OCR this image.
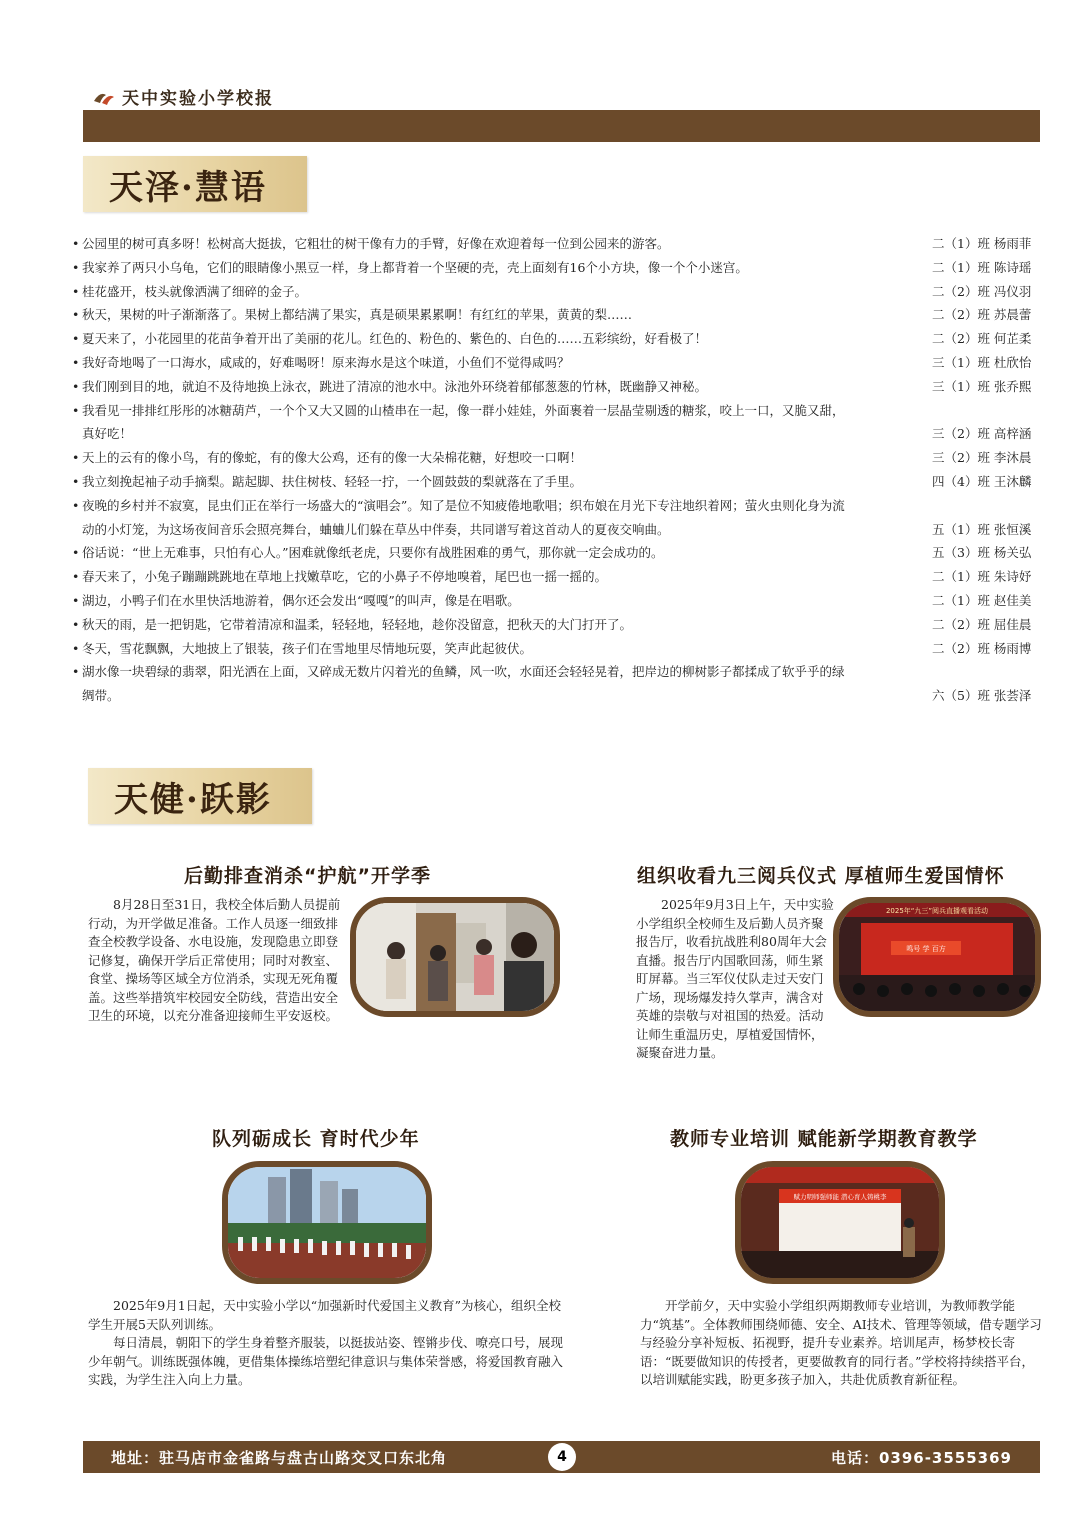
天中实验小学校报
天泽·慧语
• 公园里的树可真多呀！松树高大挺拔，它粗壮的树干像有力的手臂，好像在欢迎着每一位到公园来的游客。	二（1）班 杨雨菲
• 我家养了两只小乌龟，它们的眼睛像小黑豆一样，身上都背着一个坚硬的壳，壳上面刻有16个小方块，像一个个小迷宫。	二（1）班 陈诗瑶
• 桂花盛开，枝头就像洒满了细碎的金子。	二（2）班 冯仪羽
• 秋天，果树的叶子渐渐落了。果树上都结满了果实，真是硕果累累啊！有红红的苹果，黄黄的梨……	二（2）班 苏晨蕾
• 夏天来了，小花园里的花苗争着开出了美丽的花儿。红色的、粉色的、紫色的、白色的……五彩缤纷，好看极了！	二（2）班 何芷柔
• 我好奇地喝了一口海水，咸咸的，好难喝呀！原来海水是这个味道，小鱼们不觉得咸吗？	三（1）班 杜欣怡
• 我们刚到目的地，就迫不及待地换上泳衣，跳进了清凉的池水中。泳池外环绕着郁郁葱葱的竹林，既幽静又神秘。	三（1）班 张乔熙
• 我看见一排排红彤彤的冰糖葫芦，一个个又大又圆的山楂串在一起，像一群小娃娃，外面裹着一层晶莹剔透的糖浆，咬上一口，又脆又甜，真好吃！	三（2）班 高梓涵
• 天上的云有的像小鸟，有的像蛇，有的像大公鸡，还有的像一大朵棉花糖，好想咬一口啊！	三（2）班 李沐晨
• 我立刻挽起袖子动手摘梨。踮起脚、扶住树枝、轻轻一拧，一个圆鼓鼓的梨就落在了手里。	四（4）班 王沐麟
• 夜晚的乡村并不寂寞，昆虫们正在举行一场盛大的“演唱会”。知了是位不知疲倦地歌唱；织布娘在月光下专注地织着网；萤火虫则化身为流动的小灯笼，为这场夜间音乐会照亮舞台，蛐蛐儿们躲在草丛中伴奏，共同谱写着这首动人的夏夜交响曲。	五（1）班 张恒溪
• 俗话说：“世上无难事，只怕有心人。”困难就像纸老虎，只要你有战胜困难的勇气，那你就一定会成功的。	五（3）班 杨关弘
• 春天来了，小兔子蹦蹦跳跳地在草地上找嫩草吃，它的小鼻子不停地嗅着，尾巴也一摇一摇的。	二（1）班 朱诗妤
• 湖边，小鸭子们在水里快活地游着，偶尔还会发出“嘎嘎”的叫声，像是在唱歌。	二（1）班 赵佳美
• 秋天的雨，是一把钥匙，它带着清凉和温柔，轻轻地，轻轻地，趁你没留意，把秋天的大门打开了。	二（2）班 屈佳晨
• 冬天，雪花飘飘，大地披上了银装，孩子们在雪地里尽情地玩耍，笑声此起彼伏。	二（2）班 杨雨博
• 湖水像一块碧绿的翡翠，阳光洒在上面，又碎成无数片闪着光的鱼鳞，风一吹，水面还会轻轻晃着，把岸边的柳树影子都揉成了软乎乎的绿绸带。	六（5）班 张荟泽
天健·跃影
后勤排查消杀“护航”开学季

8月28日至31日，我校全体后勤人员提前行动，为开学做足准备。工作人员逐一细致排查全校教学设备、水电设施，发现隐患立即登记修复，确保开学后正常使用；同时对教室、食堂、操场等区域全方位消杀，实现无死角覆盖。这些举措筑牢校园安全防线，营造出安全卫生的环境，以充分准备迎接师生平安返校。

组织收看九三阅兵仪式 厚植师生爱国情怀

2025年9月3日上午，天中实验小学组织全校师生及后勤人员齐聚报告厅，收看抗战胜利80周年大会直播。报告厅内国歌回荡，师生紧盯屏幕。当三军仪仗队走过天安门广场，现场爆发持久掌声，满含对英雄的崇敬与对祖国的热爱。活动让师生重温历史，厚植爱国情怀，凝聚奋进力量。

2025年“九三”阅兵直播观看活动
鸣号 学 百方
队列砺成长 育时代少年

2025年9月1日起，天中实验小学以“加强新时代爱国主义教育”为核心，组织全校学生开展5天队列训练。

每日清晨，朝阳下的学生身着整齐服装，以挺拔站姿、铿锵步伐、嘹亮口号，展现少年朝气。训练既强体魄，更借集体操练培塑纪律意识与集体荣誉感，将爱国教育融入实践，为学生注入向上力量。

教师专业培训 赋能新学期教育教学
赋力明师强师能 潜心育人铸桃李

开学前夕，天中实验小学组织两期教师专业培训，为教师教学能力“筑基”。全体教师围绕师德、安全、AI技术、管理等领域，借专题学习与经验分享补短板、拓视野，提升专业素养。培训尾声，杨梦校长寄语：“既要做知识的传授者，更要做教育的同行者。”学校将持续搭平台，以培训赋能实践，盼更多孩子加入，共赴优质教育新征程。

地址：驻马店市金雀路与盘古山路交叉口东北角	4	电话：0396-3555369
